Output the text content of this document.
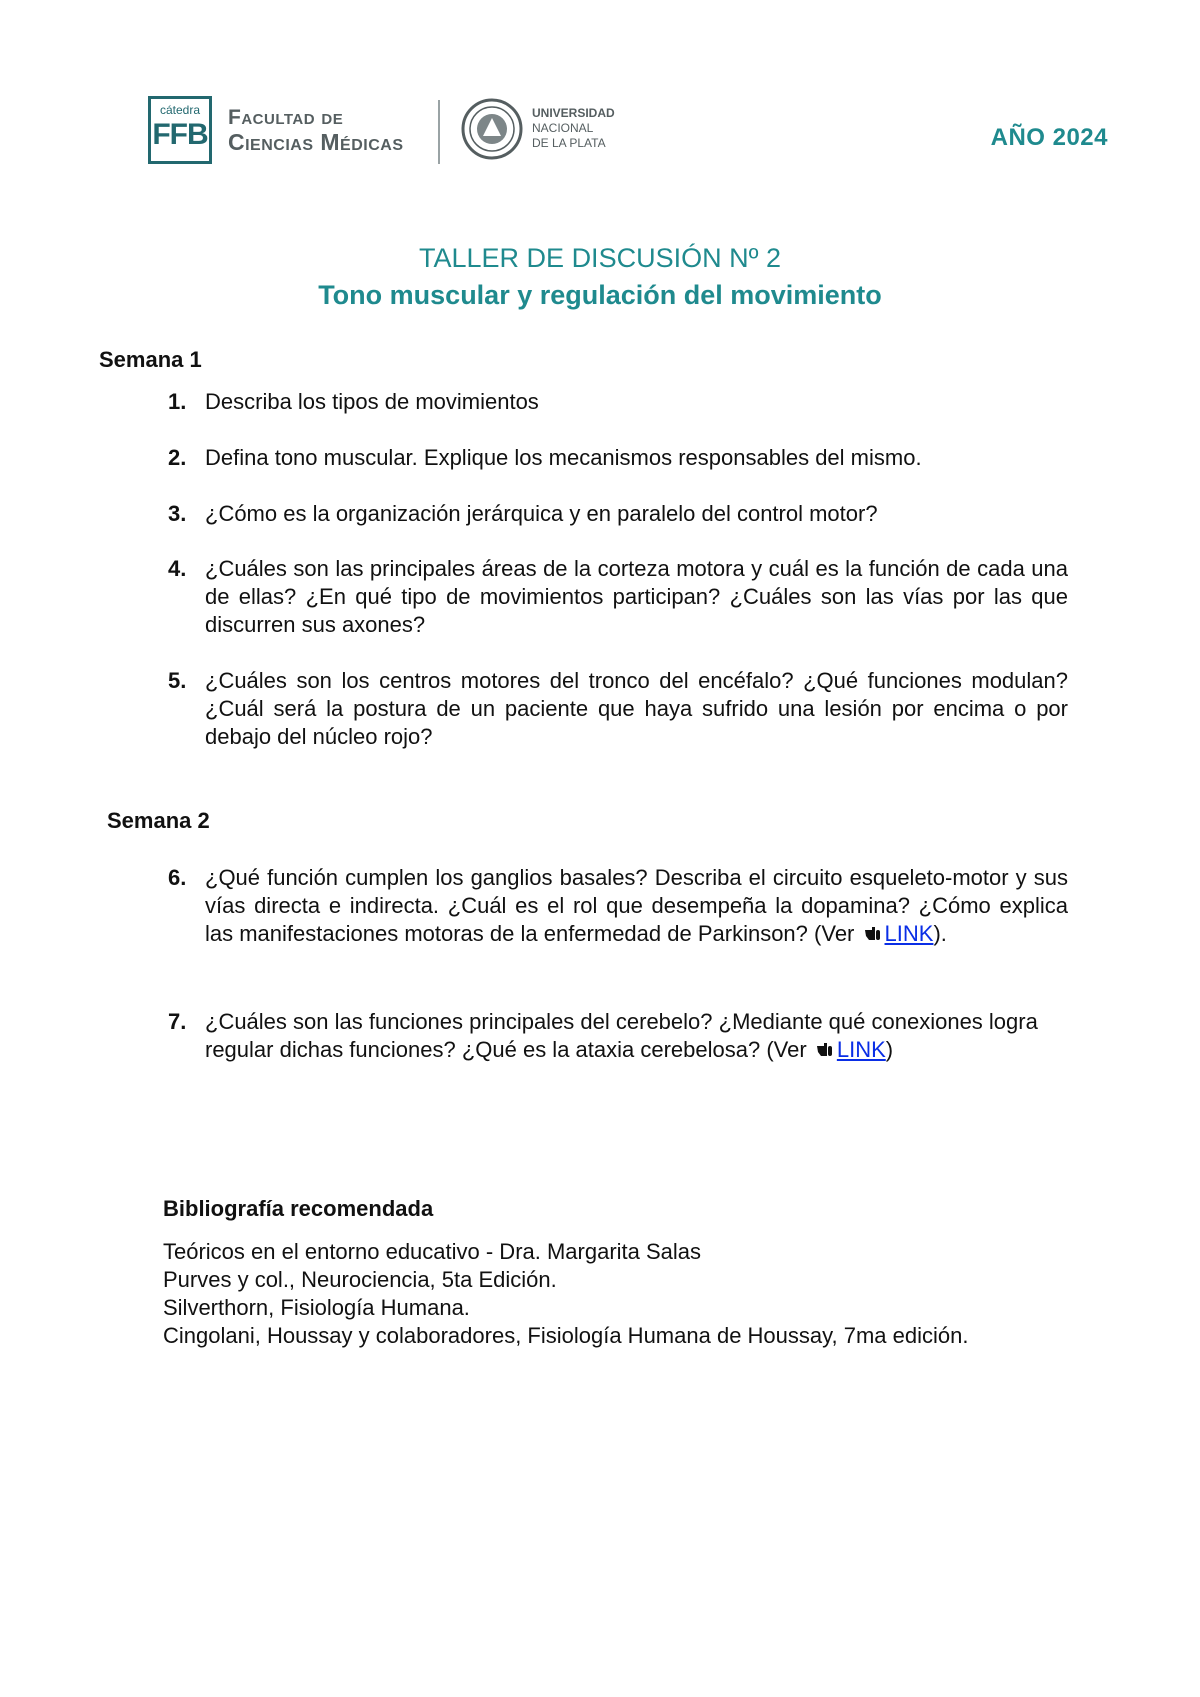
cátedra
FFB
Facultad de
Ciencias Médicas
UNIVERSIDAD
NACIONAL
DE LA PLATA	AÑO 2024
TALLER DE DISCUSIÓN Nº 2
Tono muscular y regulación del movimiento
Semana 1
1. Describa los tipos de movimientos
2. Defina tono muscular. Explique los mecanismos responsables del mismo.
3. ¿Cómo es la organización jerárquica y en paralelo del control motor?
4. ¿Cuáles son las principales áreas de la corteza motora y cuál es la función de cada una de ellas? ¿En qué tipo de movimientos participan? ¿Cuáles son las vías por las que discurren sus axones?
5. ¿Cuáles son los centros motores del tronco del encéfalo? ¿Qué funciones modulan? ¿Cuál será la postura de un paciente que haya sufrido una lesión por encima o por debajo del núcleo rojo?
Semana 2
6. ¿Qué función cumplen los ganglios basales? Describa el circuito esqueleto-motor y sus vías directa e indirecta. ¿Cuál es el rol que desempeña la dopamina? ¿Cómo explica las manifestaciones motoras de la enfermedad de Parkinson? (Ver LINK).
7. ¿Cuáles son las funciones principales del cerebelo? ¿Mediante qué conexiones logra regular dichas funciones? ¿Qué es la ataxia cerebelosa? (Ver LINK)
Bibliografía recomendada
Teóricos en el entorno educativo - Dra. Margarita Salas
Purves y col., Neurociencia, 5ta Edición.
Silverthorn, Fisiología Humana.
Cingolani, Houssay y colaboradores, Fisiología Humana de Houssay, 7ma edición.
